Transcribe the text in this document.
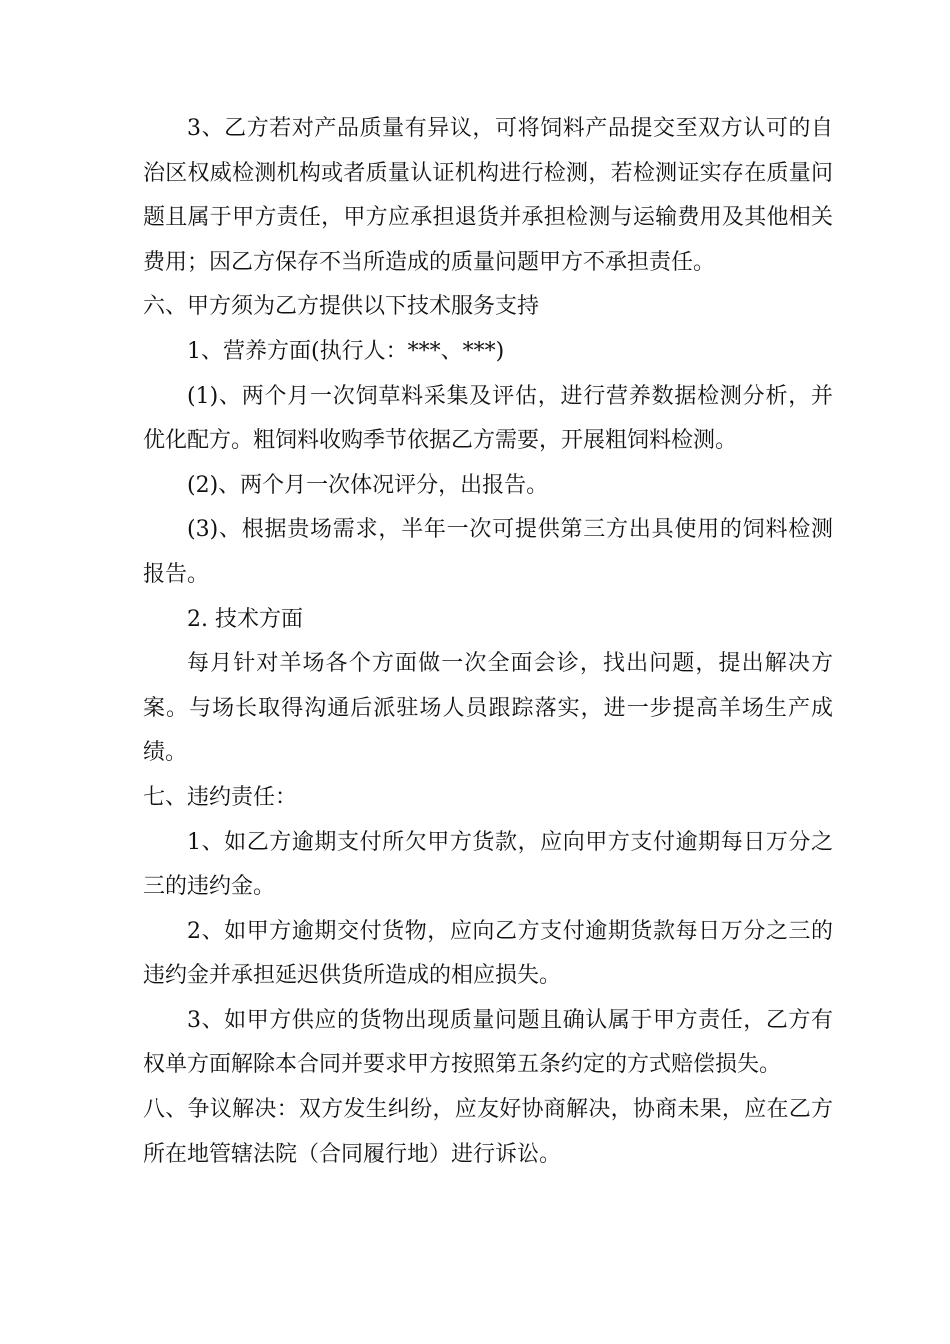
3、乙方若对产品质量有异议，可将饲料产品提交至双方认可的自治区权威检测机构或者质量认证机构进行检测，若检测证实存在质量问题且属于甲方责任，甲方应承担退货并承担检测与运输费用及其他相关费用；因乙方保存不当所造成的质量问题甲方不承担责任。

六、甲方须为乙方提供以下技术服务支持

1、营养方面(执行人：***、***)

(1)、两个月一次饲草料采集及评估，进行营养数据检测分析，并优化配方。粗饲料收购季节依据乙方需要，开展粗饲料检测。

(2)、两个月一次体况评分，出报告。

(3)、根据贵场需求，半年一次可提供第三方出具使用的饲料检测报告。

2. 技术方面

每月针对羊场各个方面做一次全面会诊，找出问题，提出解决方案。与场长取得沟通后派驻场人员跟踪落实，进一步提高羊场生产成绩。

七、违约责任：

1、如乙方逾期支付所欠甲方货款，应向甲方支付逾期每日万分之三的违约金。

2、如甲方逾期交付货物，应向乙方支付逾期货款每日万分之三的违约金并承担延迟供货所造成的相应损失。

3、如甲方供应的货物出现质量问题且确认属于甲方责任，乙方有权单方面解除本合同并要求甲方按照第五条约定的方式赔偿损失。

八、争议解决：双方发生纠纷，应友好协商解决，协商未果，应在乙方所在地管辖法院（合同履行地）进行诉讼。
